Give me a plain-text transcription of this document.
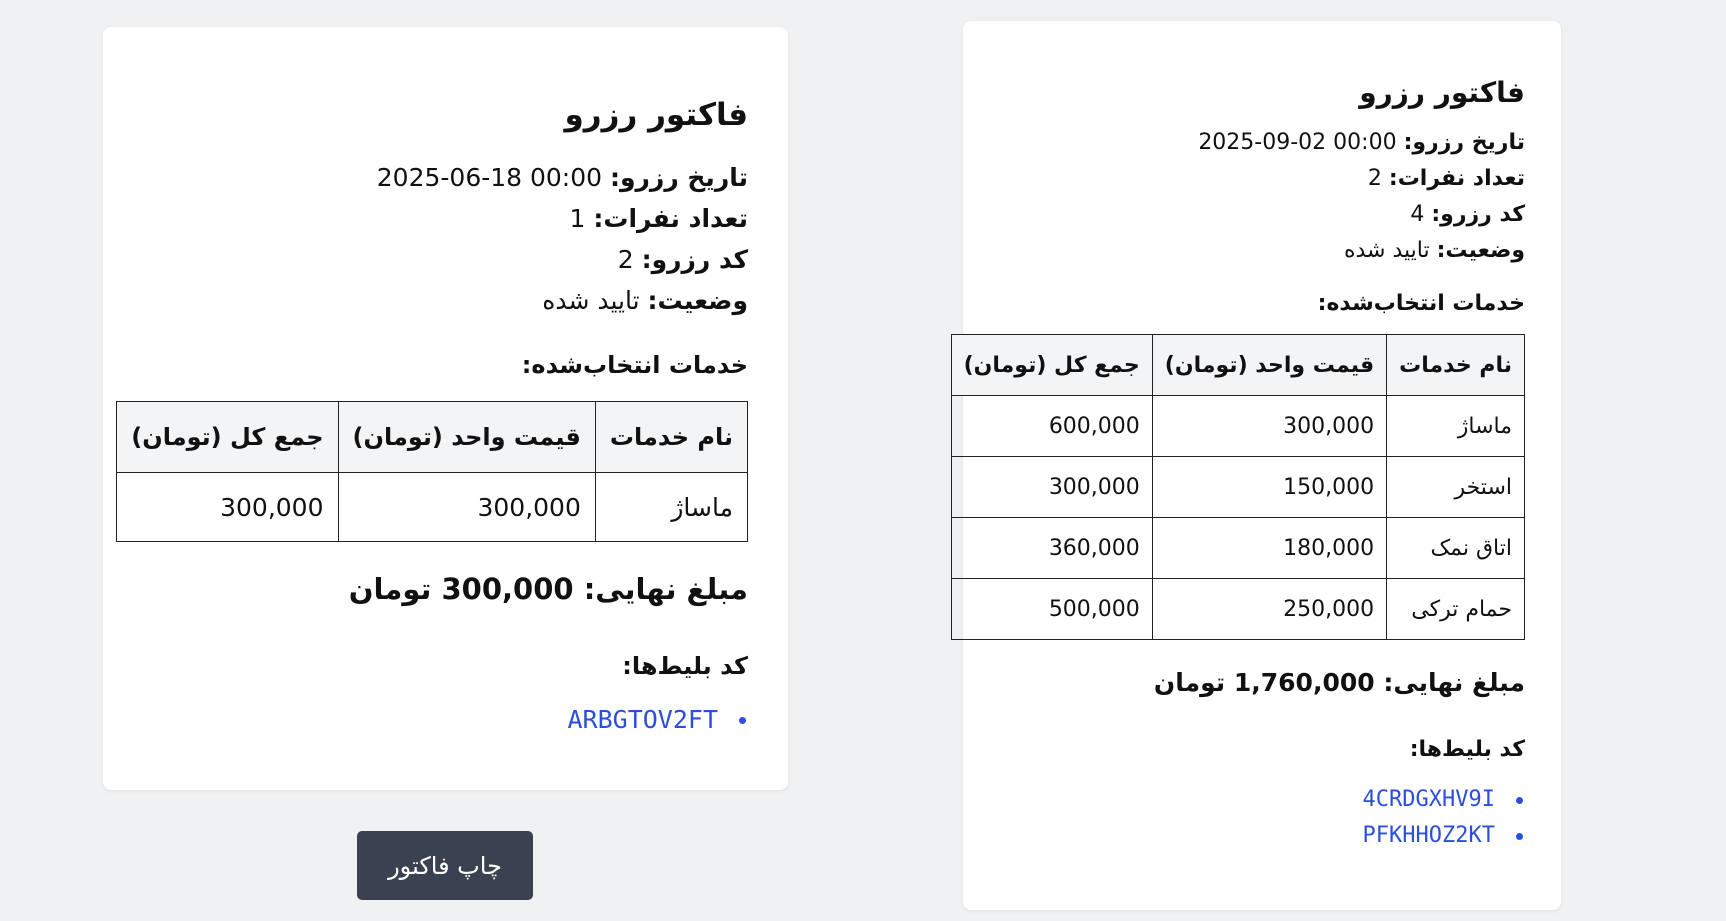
فاکتور رزرو

تاریخ رزرو: 2025-06-18 00:00

تعداد نفرات: 1

کد رزرو: 2

وضعیت: تایید شده

خدمات انتخاب‌شده:

نام خدمات	قیمت واحد (تومان)	جمع کل (تومان)
ماساژ	300,000	300,000

مبلغ نهایی: 300,000 تومان

کد بلیط‌ها:

ARBGTOV2FT
چاپ فاکتور
فاکتور رزرو

تاریخ رزرو: 2025-09-02 00:00

تعداد نفرات: 2

کد رزرو: 4

وضعیت: تایید شده

خدمات انتخاب‌شده:

نام خدمات	قیمت واحد (تومان)	جمع کل (تومان)
ماساژ	300,000	600,000
استخر	150,000	300,000
اتاق نمک	180,000	360,000
حمام ترکی	250,000	500,000

مبلغ نهایی: 1,760,000 تومان

کد بلیط‌ها:

4CRDGXHV9I
PFKHHOZ2KT
